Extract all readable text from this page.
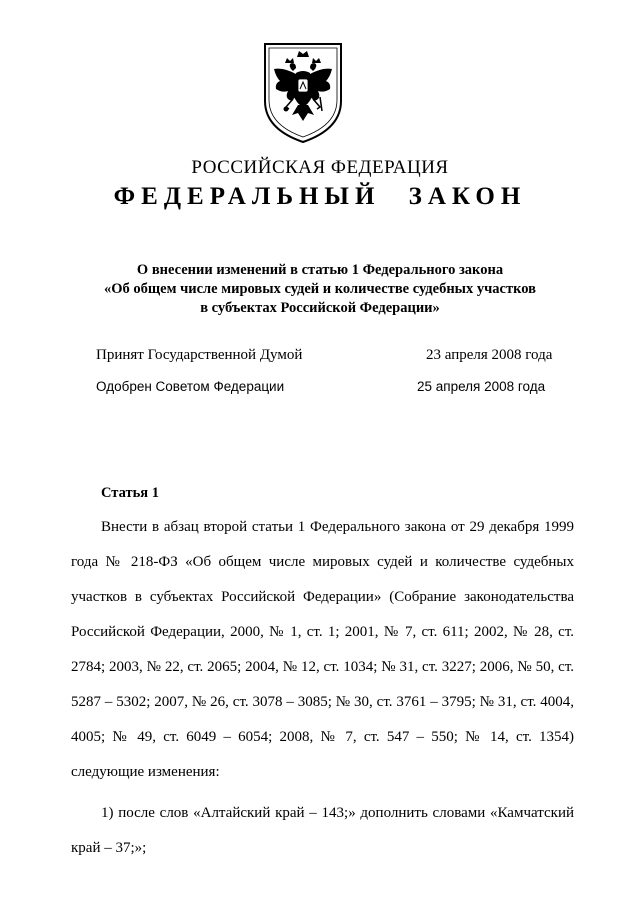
РОССИЙСКАЯ ФЕДЕРАЦИЯ
ФЕДЕРАЛЬНЫЙ ЗАКОН
О внесении изменений в статью 1 Федерального закона
«Об общем числе мировых судей и количестве судебных участков
в субъектах Российской Федерации»
Принят Государственной Думой	23 апреля 2008 года
Одобрен Советом Федерации	25 апреля 2008 года
Статья 1

Внести в абзац второй статьи 1 Федерального закона от 29 декабря 1999 года № 218-ФЗ «Об общем числе мировых судей и количестве судебных участков в субъектах Российской Федерации» (Собрание законодательства Российской Федерации, 2000, № 1, ст. 1; 2001, № 7, ст. 611; 2002, № 28, ст. 2784; 2003, № 22, ст. 2065; 2004, № 12, ст. 1034; № 31, ст. 3227; 2006, № 50, ст. 5287 – 5302; 2007, № 26, ст. 3078 – 3085; № 30, ст. 3761 – 3795; № 31, ст. 4004, 4005; № 49, ст. 6049 – 6054; 2008, № 7, ст. 547 – 550; № 14, ст. 1354) следующие изменения:

1) после слов «Алтайский край – 143;» дополнить словами «Камчатский край – 37;»;
